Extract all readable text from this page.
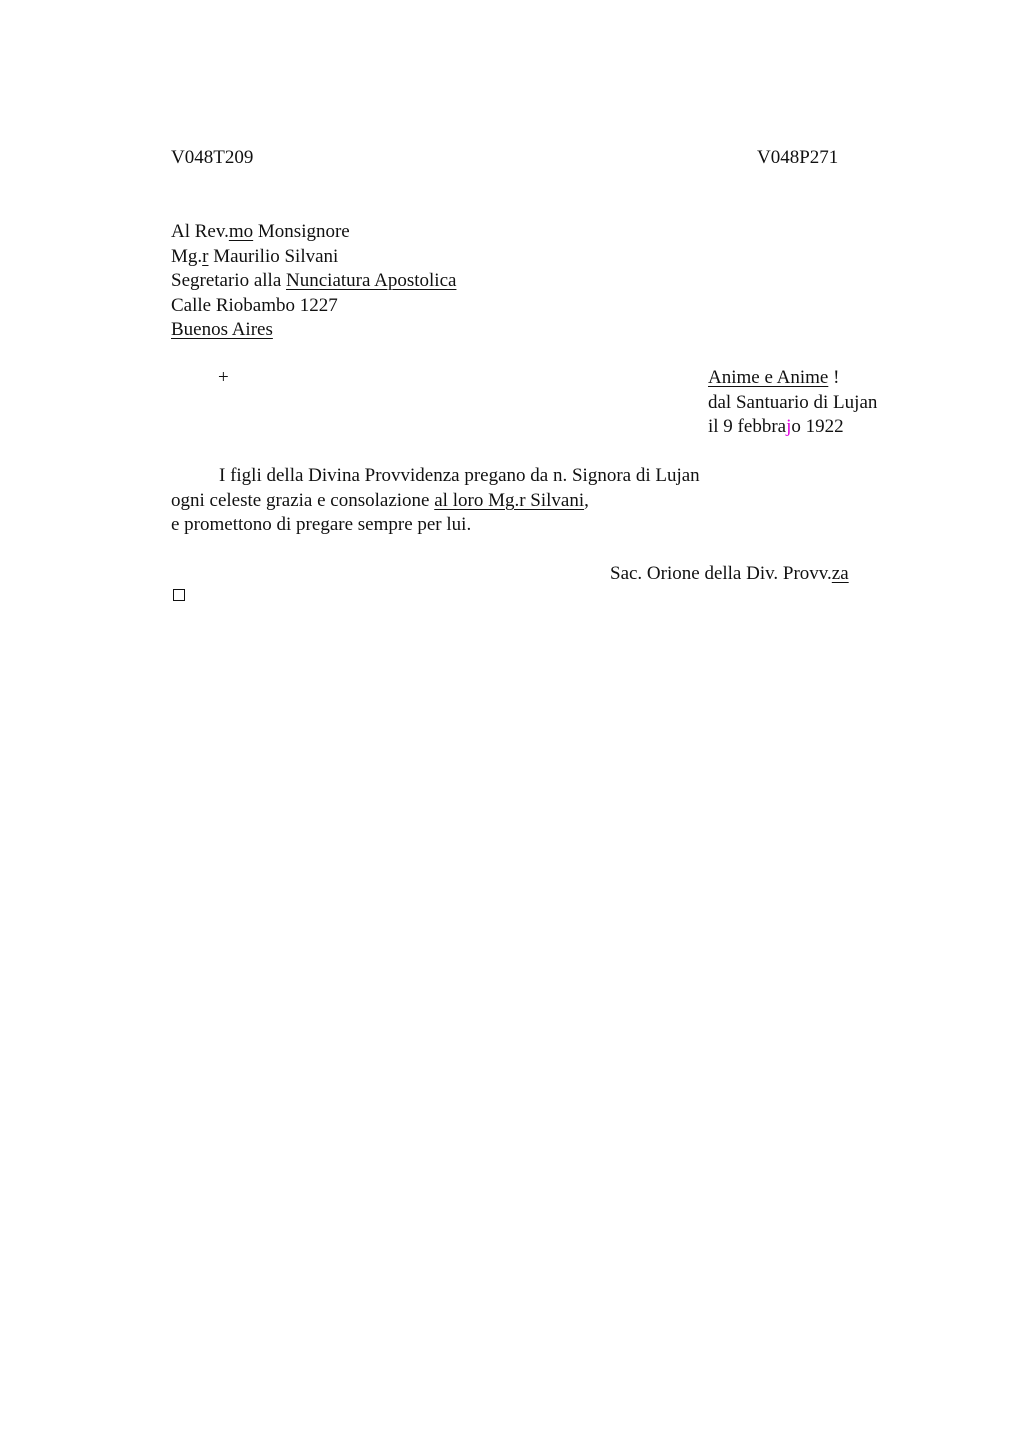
V048T209	V048P271
Al Rev.mo Monsignore
Mg.r Maurilio Silvani
Segretario alla Nunciatura Apostolica
Calle Riobambo 1227
Buenos Aires
+	Anime e Anime !
dal Santuario di Lujan
il 9 febbrajo 1922
I figli della Divina Provvidenza pregano da n. Signora di Lujan
ogni celeste grazia e consolazione al loro Mg.r Silvani,
e promettono di pregare sempre per lui.
Sac. Orione della Div. Provv.za
